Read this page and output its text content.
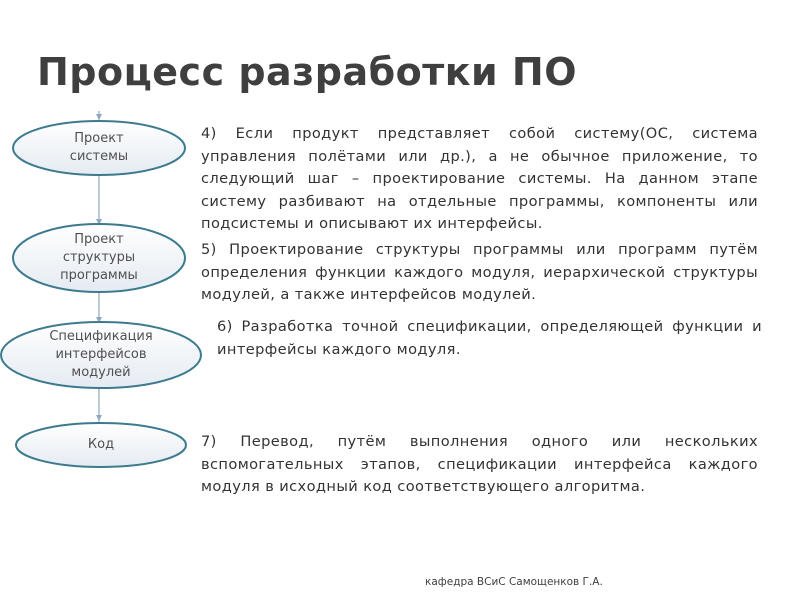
Процесс разработки ПО
Проект
системы
Проект
структуры
программы
Спецификация
интерфейсов
модулей
Код

4) Если продукт представляет собой систему(ОС, система управления полётами или др.), а не обычное приложение, то следующий шаг – проектирование системы. На данном этапе систему разбивают на отдельные программы, компоненты или подсистемы и описывают их интерфейсы.

5) Проектирование структуры программы или программ путём определения функции каждого модуля, иерархической структуры модулей, а также интерфейсов модулей.

6) Разработка точной спецификации, определяющей функции и интерфейсы каждого модуля.

7) Перевод, путём выполнения одного или нескольких вспомогательных этапов, спецификации интерфейса каждого модуля в исходный код соответствующего алгоритма.

кафедра ВСиС Самощенков Г.А.
